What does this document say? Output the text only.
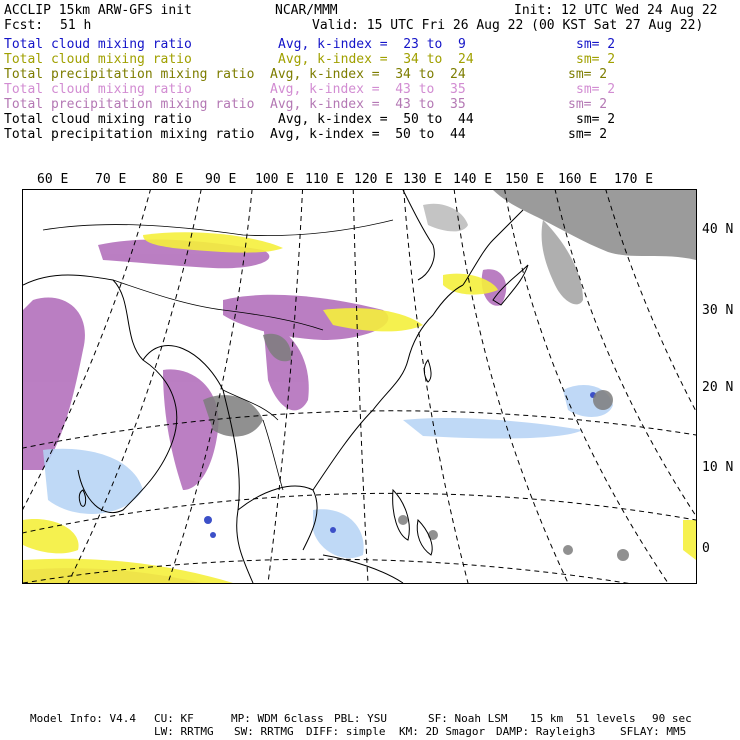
ACCLIP 15km ARW-GFS init	NCAR/MMM	Init: 12 UTC Wed 24 Aug 22
Fcst: 51 h	Valid: 15 UTC Fri 26 Aug 22 (00 KST Sat 27 Aug 22)
Total cloud mixing ratio	Avg, k-index =  23 to  9	sm= 2
Total cloud mixing ratio	Avg, k-index =  34 to  24	sm= 2
Total precipitation mixing ratio Avg, k-index =  34 to  24	sm= 2
Total cloud mixing ratio	Avg, k-index =  43 to  35	sm= 2
Total precipitation mixing ratio Avg, k-index =  43 to  35	sm= 2
Total cloud mixing ratio	Avg, k-index =  50 to  44	sm= 2
Total precipitation mixing ratio Avg, k-index =  50 to  44	sm= 2
60 E 70 E 80 E 90 E 100 E 110 E 120 E 130 E 140 E 150 E 160 E 170 E
40 N
30 N
20 N
10 N
0
Model Info: V4.4 CU: KF	MP: WDM 6class PBL: YSU	SF: Noah LSM 15 km 51 levels 90 sec
LW: RRTMG SW: RRTMG DIFF: simple KM: 2D Smagor DAMP: Rayleigh3 SFLAY: MM5
